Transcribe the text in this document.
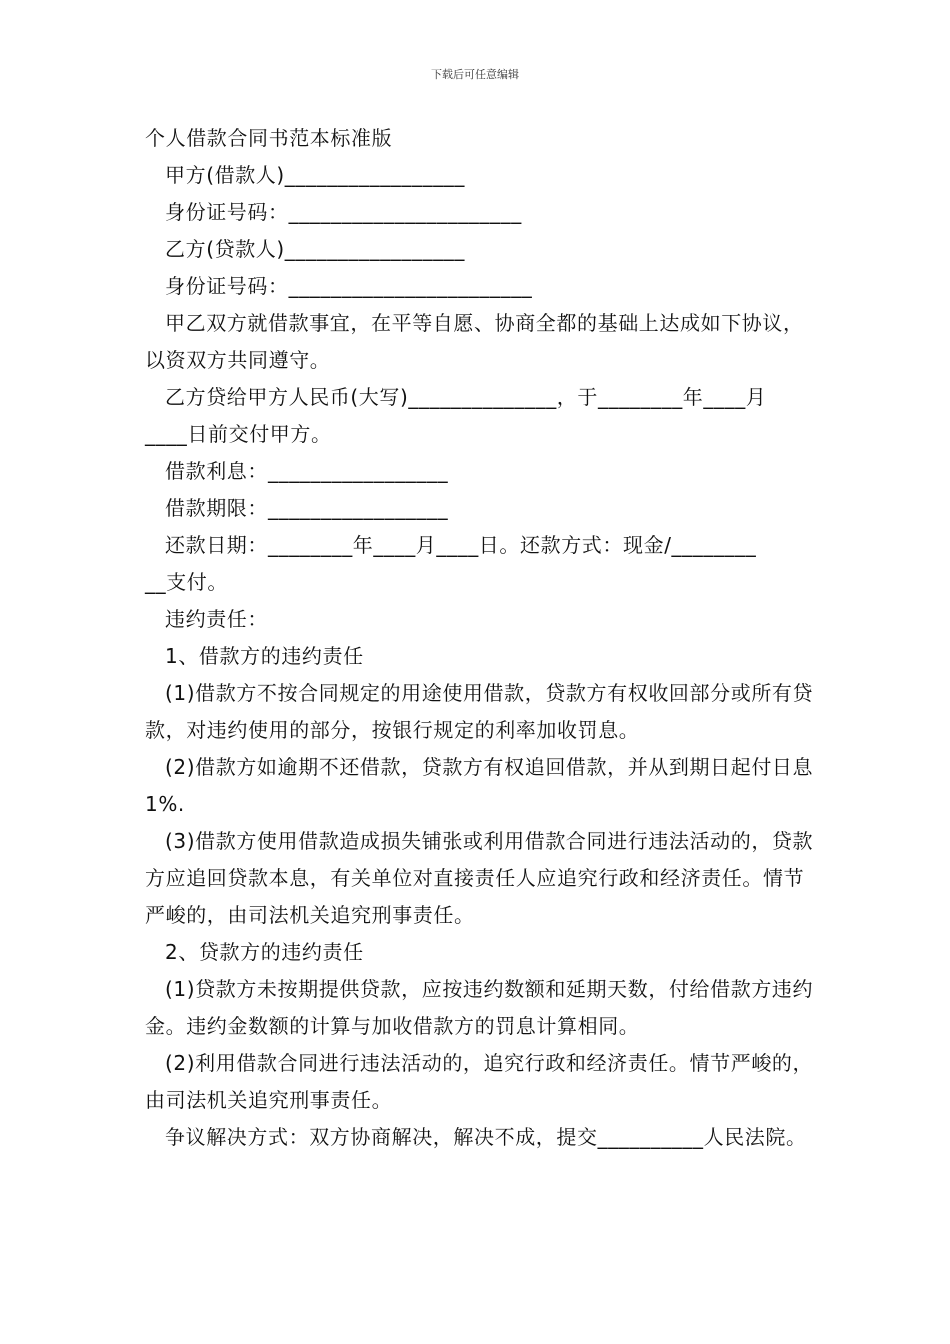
下载后可任意编辑

个人借款合同书范本标准版

甲方(借款人)_________________

身份证号码：______________________

乙方(贷款人)_________________

身份证号码：_______________________

甲乙双方就借款事宜，在平等自愿、协商全都的基础上达成如下协议，以资双方共同遵守。

乙方贷给甲方人民币(大写)______________，于________年____月

____日前交付甲方。

借款利息：_________________

借款期限：_________________

还款日期：________年____月____日。还款方式：现金/________

__支付。

违约责任：

1、借款方的违约责任

(1)借款方不按合同规定的用途使用借款，贷款方有权收回部分或所有贷款，对违约使用的部分，按银行规定的利率加收罚息。

(2)借款方如逾期不还借款，贷款方有权追回借款，并从到期日起付日息 1%.

(3)借款方使用借款造成损失铺张或利用借款合同进行违法活动的，贷款方应追回贷款本息，有关单位对直接责任人应追究行政和经济责任。情节严峻的，由司法机关追究刑事责任。

2、贷款方的违约责任

(1)贷款方未按期提供贷款，应按违约数额和延期天数，付给借款方违约金。违约金数额的计算与加收借款方的罚息计算相同。

(2)利用借款合同进行违法活动的，追究行政和经济责任。情节严峻的，由司法机关追究刑事责任。

争议解决方式：双方协商解决，解决不成，提交__________人民法院。
